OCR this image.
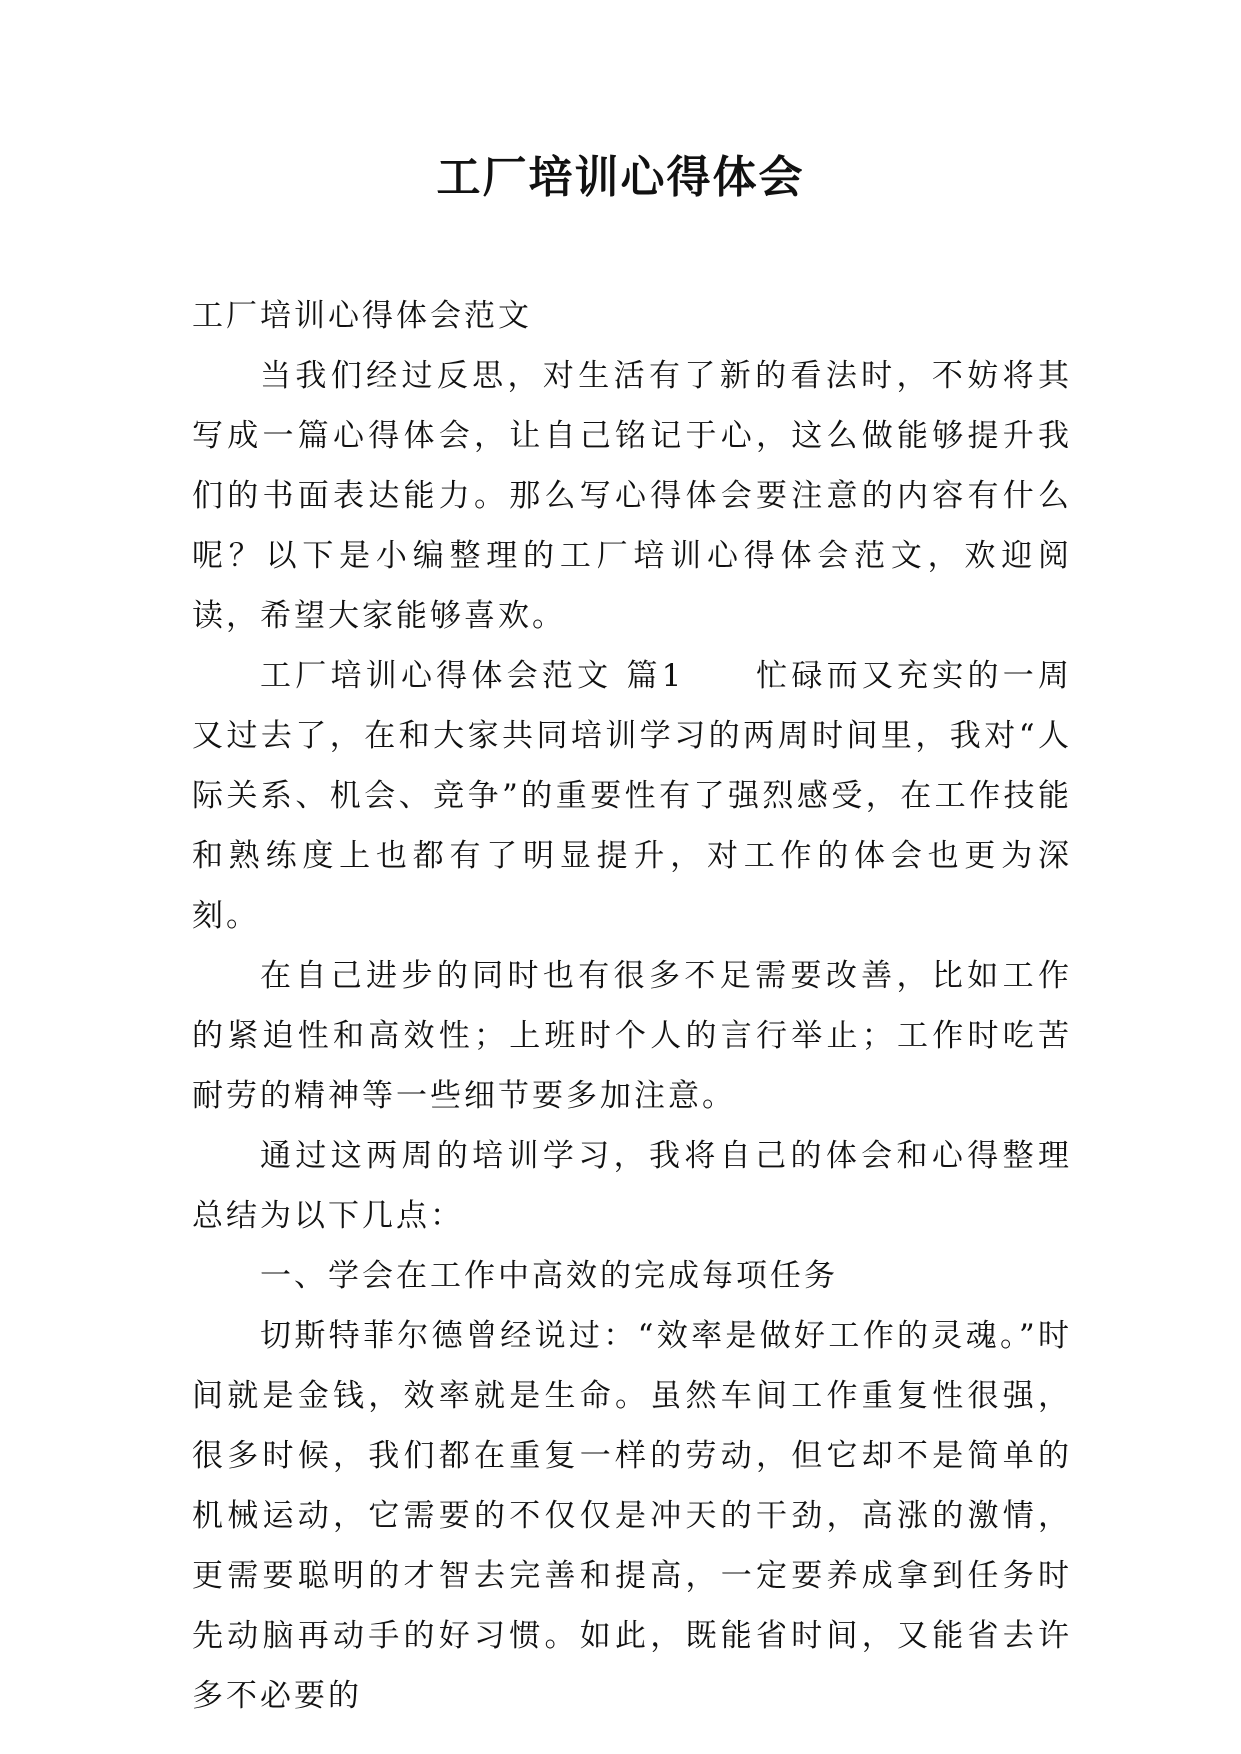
工厂培训心得体会

工厂培训心得体会范文

当我们经过反思，对生活有了新的看法时，不妨将其写成一篇心得体会，让自己铭记于心，这么做能够提升我们的书面表达能力。那么写心得体会要注意的内容有什么呢？以下是小编整理的工厂培训心得体会范文，欢迎阅读，希望大家能够喜欢。

工厂培训心得体会范文 篇1　　忙碌而又充实的一周又过去了，在和大家共同培训学习的两周时间里，我对“人际关系、机会、竞争”的重要性有了强烈感受，在工作技能和熟练度上也都有了明显提升，对工作的体会也更为深刻。

在自己进步的同时也有很多不足需要改善，比如工作的紧迫性和高效性；上班时个人的言行举止；工作时吃苦耐劳的精神等一些细节要多加注意。

通过这两周的培训学习，我将自己的体会和心得整理总结为以下几点：

一、学会在工作中高效的完成每项任务

切斯特菲尔德曾经说过：“效率是做好工作的灵魂。”时间就是金钱，效率就是生命。虽然车间工作重复性很强，很多时候，我们都在重复一样的劳动，但它却不是简单的机械运动，它需要的不仅仅是冲天的干劲，高涨的激情，更需要聪明的才智去完善和提高，一定要养成拿到任务时先动脑再动手的好习惯。如此，既能省时间，又能省去许多不必要的
